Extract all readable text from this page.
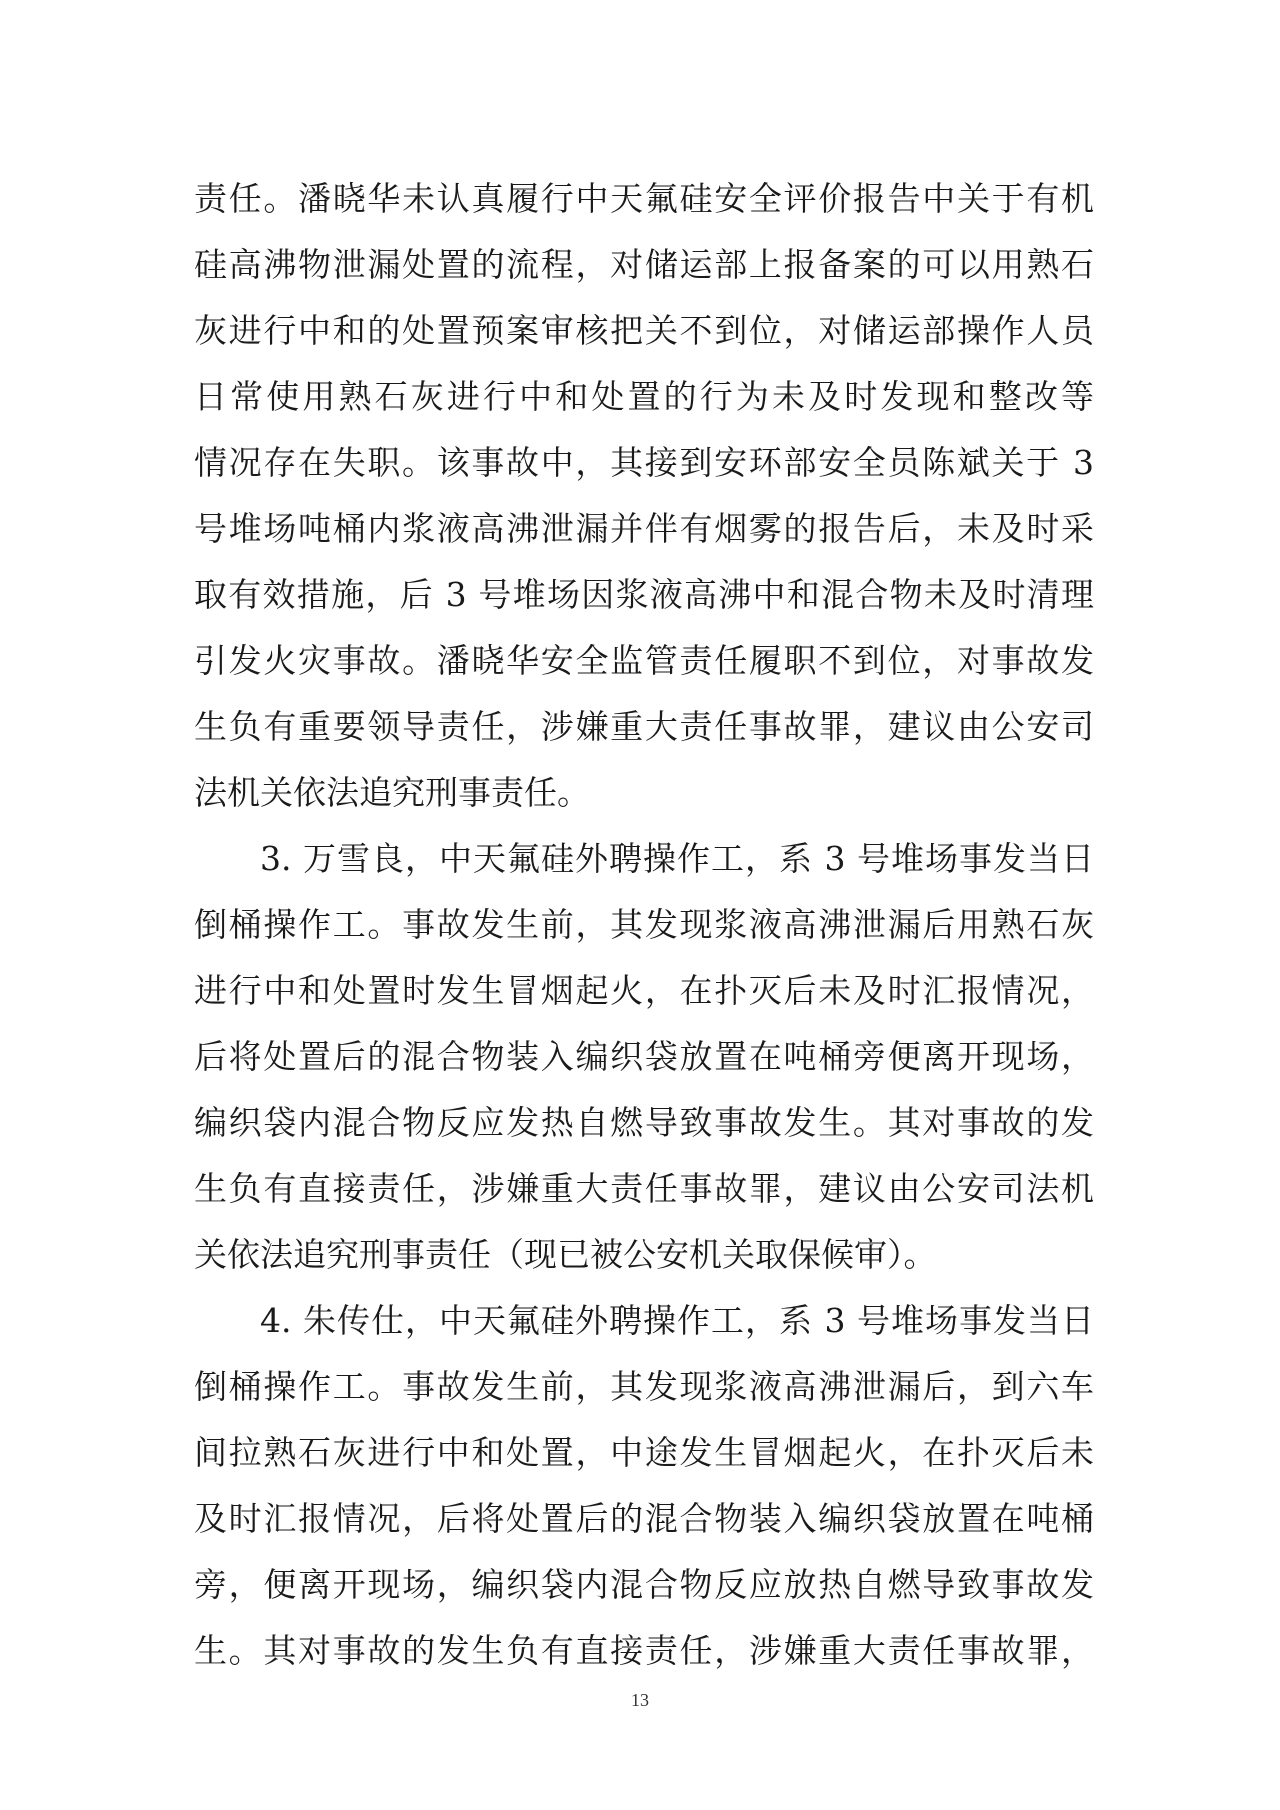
责任。潘晓华未认真履行中天氟硅安全评价报告中关于有机
硅高沸物泄漏处置的流程，对储运部上报备案的可以用熟石
灰进行中和的处置预案审核把关不到位，对储运部操作人员
日常使用熟石灰进行中和处置的行为未及时发现和整改等
情况存在失职。该事故中，其接到安环部安全员陈斌关于 3
号堆场吨桶内浆液高沸泄漏并伴有烟雾的报告后，未及时采
取有效措施，后 3 号堆场因浆液高沸中和混合物未及时清理
引发火灾事故。潘晓华安全监管责任履职不到位，对事故发
生负有重要领导责任，涉嫌重大责任事故罪，建议由公安司
法机关依法追究刑事责任。
3. 万雪良，中天氟硅外聘操作工，系 3 号堆场事发当日
倒桶操作工。事故发生前，其发现浆液高沸泄漏后用熟石灰
进行中和处置时发生冒烟起火，在扑灭后未及时汇报情况，
后将处置后的混合物装入编织袋放置在吨桶旁便离开现场，
编织袋内混合物反应发热自燃导致事故发生。其对事故的发
生负有直接责任，涉嫌重大责任事故罪，建议由公安司法机
关依法追究刑事责任（现已被公安机关取保候审）。
4. 朱传仕，中天氟硅外聘操作工，系 3 号堆场事发当日
倒桶操作工。事故发生前，其发现浆液高沸泄漏后，到六车
间拉熟石灰进行中和处置，中途发生冒烟起火，在扑灭后未
及时汇报情况，后将处置后的混合物装入编织袋放置在吨桶
旁，便离开现场，编织袋内混合物反应放热自燃导致事故发
生。其对事故的发生负有直接责任，涉嫌重大责任事故罪，
13
